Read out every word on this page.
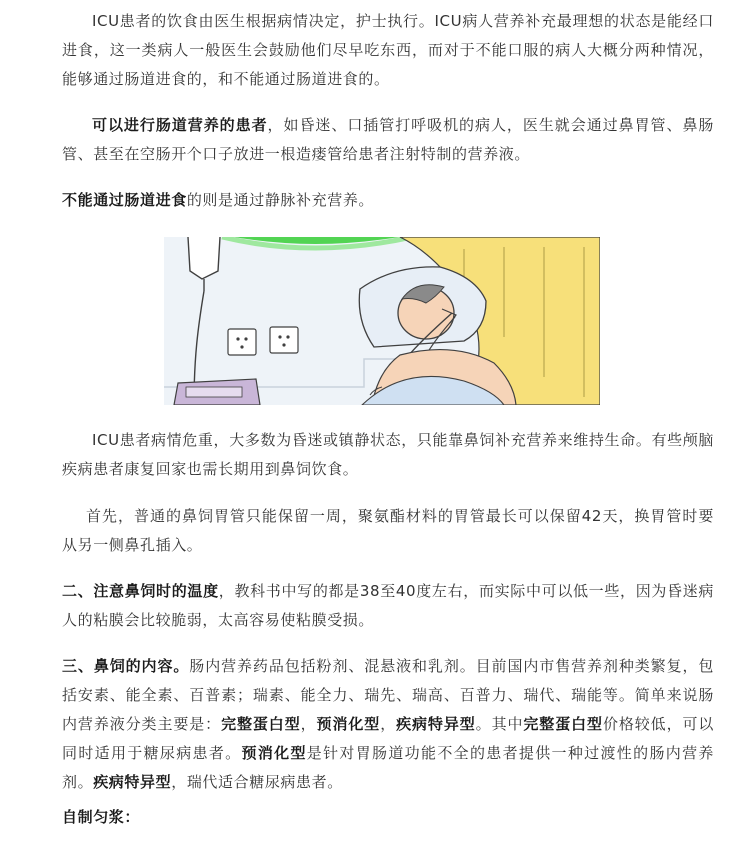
ICU患者的饮食由医生根据病情决定，护士执行。ICU病人营养补充最理想的状态是能经口进食，这一类病人一般医生会鼓励他们尽早吃东西，而对于不能口服的病人大概分两种情况，能够通过肠道进食的，和不能通过肠道进食的。

可以进行肠道营养的患者，如昏迷、口插管打呼吸机的病人，医生就会通过鼻胃管、鼻肠管、甚至在空肠开个口子放进一根造瘘管给患者注射特制的营养液。

不能通过肠道进食的则是通过静脉补充营养。

ICU患者病情危重，大多数为昏迷或镇静状态，只能靠鼻饲补充营养来维持生命。有些颅脑疾病患者康复回家也需长期用到鼻饲饮食。

首先，普通的鼻饲胃管只能保留一周，聚氨酯材料的胃管最长可以保留42天，换胃管时要从另一侧鼻孔插入。

二、注意鼻饲时的温度，教科书中写的都是38至40度左右，而实际中可以低一些，因为昏迷病人的粘膜会比较脆弱，太高容易使粘膜受损。

三、鼻饲的内容。肠内营养药品包括粉剂、混悬液和乳剂。目前国内市售营养剂种类繁复，包括安素、能全素、百普素；瑞素、能全力、瑞先、瑞高、百普力、瑞代、瑞能等。简单来说肠内营养液分类主要是：完整蛋白型，预消化型，疾病特异型。其中完整蛋白型价格较低，可以同时适用于糖尿病患者。预消化型是针对胃肠道功能不全的患者提供一种过渡性的肠内营养剂。疾病特异型，瑞代适合糖尿病患者。

自制匀浆：
